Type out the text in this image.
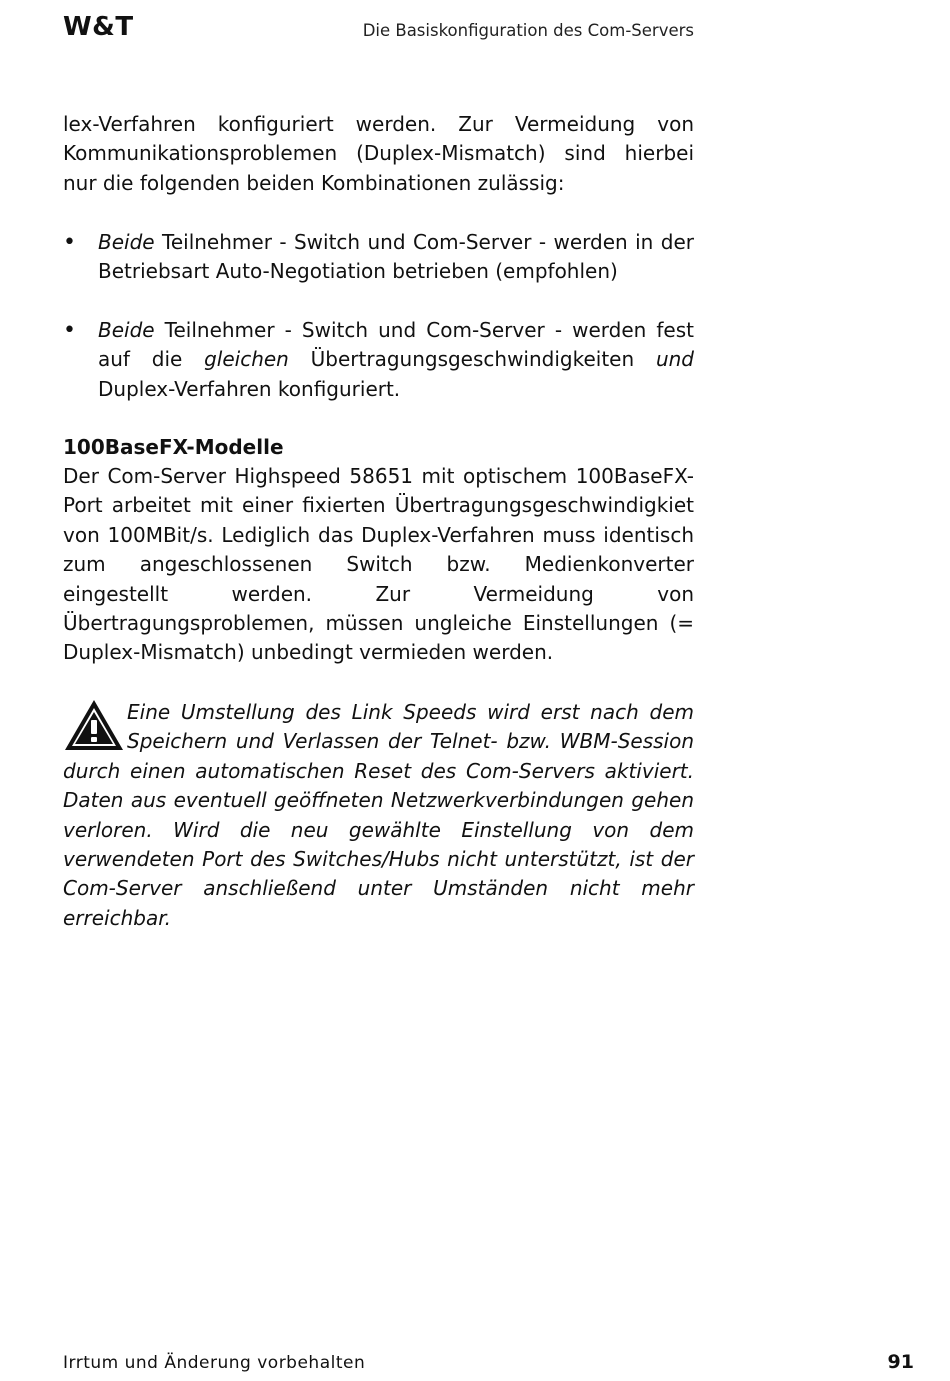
W&T	Die Basiskonfiguration des Com-Servers

lex-Verfahren konfiguriert werden. Zur Vermeidung von Kommunikationsproblemen (Duplex-Mismatch) sind hierbei nur die folgenden beiden Kombinationen zulässig:

• Beide Teilnehmer - Switch und Com-Server - werden in der Betriebsart Auto-Negotiation betrieben (empfohlen)
• Beide Teilnehmer - Switch und Com-Server - werden fest auf die gleichen Übertragungsgeschwindigkeiten und Duplex-Verfahren konfiguriert.
100BaseFX-Modelle

Der Com-Server Highspeed 58651 mit optischem 100BaseFX-Port arbeitet mit einer fixierten Übertragungsgeschwindigkiet von 100MBit/s. Lediglich das Duplex-Verfahren muss identisch zum angeschlossenen Switch bzw. Medienkonverter eingestellt werden. Zur Vermeidung von Übertragungsproblemen, müssen ungleiche Einstellungen (= Duplex-Mismatch) unbedingt vermieden werden.

Eine Umstellung des Link Speeds wird erst nach dem Speichern und Verlassen der Telnet- bzw. WBM-Session durch einen automatischen Reset des Com-Servers aktiviert. Daten aus eventuell geöffneten Netzwerkverbindungen gehen verloren. Wird die neu gewählte Einstellung von dem verwendeten Port des Switches/Hubs nicht unterstützt, ist der Com-Server anschließend unter Umständen nicht mehr erreichbar.
Irrtum und Änderung vorbehalten	91
